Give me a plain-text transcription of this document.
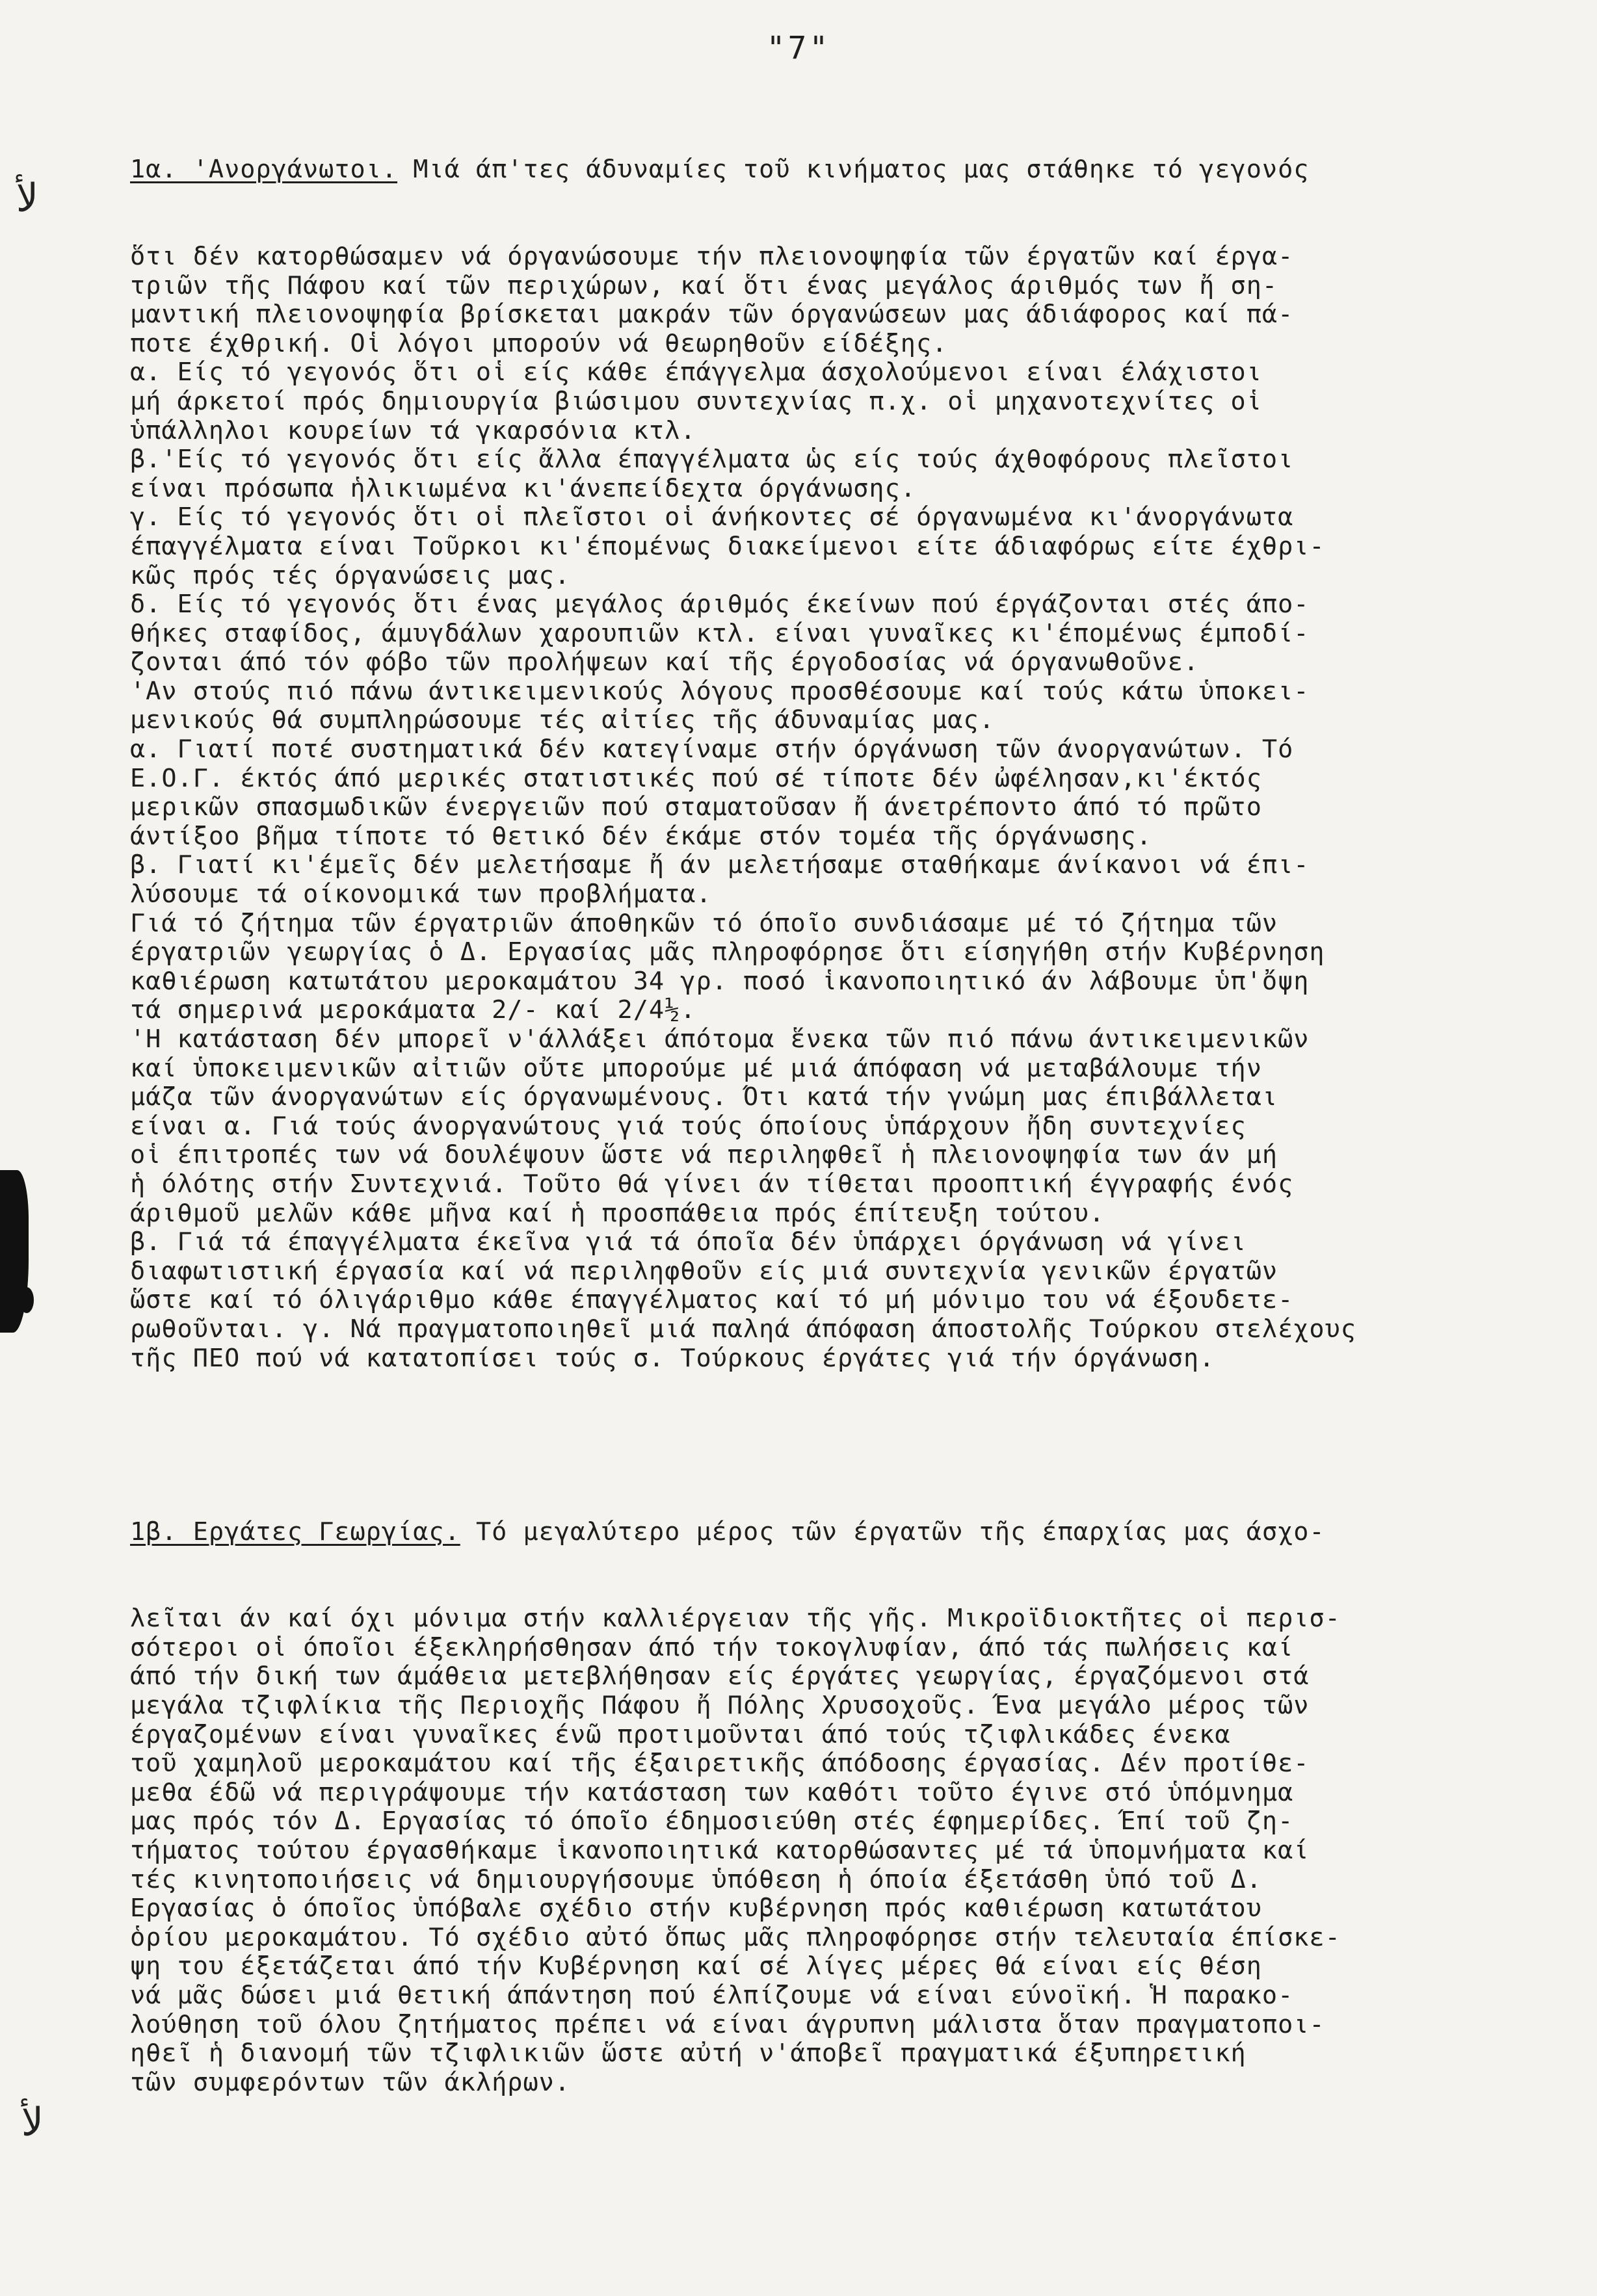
"7"
ﻷ
ﻷ

1α. 'Ανοργάνωτοι. Μιά άπ'τες άδυναμίες τοῦ κινήματος μας στάθηκε τό γεγονός

ὅτι δέν κατορθώσαμεν νά όργανώσουμε τήν πλειονοψηφία τῶν έργατῶν καί έργα-
τριῶν τῆς Πάφου καί τῶν περιχώρων, καί ὅτι ένας μεγάλος άριθμός των ἤ ση-
μαντική πλειονοψηφία βρίσκεται μακράν τῶν όργανώσεων μας άδιάφορος καί πά-
ποτε έχθρική. Οἱ λόγοι μπορούν νά θεωρηθοῦν είδέξης.
α. Είς τό γεγονός ὅτι οἱ είς κάθε έπάγγελμα άσχολούμενοι είναι έλάχιστοι
μή άρκετοί πρός δημιουργία βιώσιμου συντεχνίας π.χ. οἱ μηχανοτεχνίτες οἱ
ὑπάλληλοι κουρείων τά γκαρσόνια κτλ.
β.'Είς τό γεγονός ὅτι είς ἄλλα έπαγγέλματα ὡς είς τούς άχθοφόρους πλεῖστοι
είναι πρόσωπα ἡλικιωμένα κι'άνεπείδεχτα όργάνωσης.
γ. Είς τό γεγονός ὅτι οἱ πλεῖστοι οἱ άνήκοντες σέ όργανωμένα κι'άνοργάνωτα
έπαγγέλματα είναι Τοῦρκοι κι'έπομένως διακείμενοι είτε άδιαφόρως είτε έχθρι-
κῶς πρός τές όργανώσεις μας.
δ. Είς τό γεγονός ὅτι ένας μεγάλος άριθμός έκείνων πού έργάζονται στές άπο-
θήκες σταφίδος, άμυγδάλων χαρουπιῶν κτλ. είναι γυναῖκες κι'έπομένως έμποδί-
ζονται άπό τόν φόβο τῶν προλήψεων καί τῆς έργοδοσίας νά όργανωθοῦνε.
'Αν στούς πιό πάνω άντικειμενικούς λόγους προσθέσουμε καί τούς κάτω ὑποκει-
μενικούς θά συμπληρώσουμε τές αἰτίες τῆς άδυναμίας μας.
α. Γιατί ποτέ συστηματικά δέν κατεγίναμε στήν όργάνωση τῶν άνοργανώτων. Τό
Ε.Ο.Γ. έκτός άπό μερικές στατιστικές πού σέ τίποτε δέν ὠφέλησαν,κι'έκτός
μερικῶν σπασμωδικῶν ένεργειῶν πού σταματοῦσαν ἤ άνετρέποντο άπό τό πρῶτο
άντίξοο βῆμα τίποτε τό θετικό δέν έκάμε στόν τομέα τῆς όργάνωσης.
β. Γιατί κι'έμεῖς δέν μελετήσαμε ἤ άν μελετήσαμε σταθήκαμε άνίκανοι νά έπι-
λύσουμε τά οίκονομικά των προβλήματα.
Γιά τό ζήτημα τῶν έργατριῶν άποθηκῶν τό όποῖο συνδιάσαμε μέ τό ζήτημα τῶν
έργατριῶν γεωργίας ὁ Δ. Εργασίας μᾶς πληροφόρησε ὅτι είσηγήθη στήν Κυβέρνηση
καθιέρωση κατωτάτου μεροκαμάτου 34 γρ. ποσό ἱκανοποιητικό άν λάβουμε ὑπ'ὄψη
τά σημερινά μεροκάματα 2/- καί 2/4½.
'Η κατάσταση δέν μπορεῖ ν'άλλάξει άπότομα ἕνεκα τῶν πιό πάνω άντικειμενικῶν
καί ὑποκειμενικῶν αἰτιῶν οὔτε μπορούμε μέ μιά άπόφαση νά μεταβάλουμε τήν
μάζα τῶν άνοργανώτων είς όργανωμένους. Ότι κατά τήν γνώμη μας έπιβάλλεται
είναι α. Γιά τούς άνοργανώτους γιά τούς όποίους ὑπάρχουν ἤδη συντεχνίες
οἱ έπιτροπές των νά δουλέψουν ὥστε νά περιληφθεῖ ἡ πλειονοψηφία των άν μή
ἡ όλότης στήν Συντεχνιά. Τοῦτο θά γίνει άν τίθεται προοπτική έγγραφής ένός
άριθμοῦ μελῶν κάθε μῆνα καί ἡ προσπάθεια πρός έπίτευξη τούτου.
β. Γιά τά έπαγγέλματα έκεῖνα γιά τά όποῖα δέν ὑπάρχει όργάνωση νά γίνει
διαφωτιστική έργασία καί νά περιληφθοῦν είς μιά συντεχνία γενικῶν έργατῶν
ὥστε καί τό όλιγάριθμο κάθε έπαγγέλματος καί τό μή μόνιμο του νά έξουδετε-
ρωθοῦνται. γ. Νά πραγματοποιηθεῖ μιά παληά άπόφαση άποστολῆς Τούρκου στελέχους
τῆς ΠΕΟ πού νά κατατοπίσει τούς σ. Τούρκους έργάτες γιά τήν όργάνωση.

1β. Εργάτες Γεωργίας. Τό μεγαλύτερο μέρος τῶν έργατῶν τῆς έπαρχίας μας άσχο-

λεῖται άν καί όχι μόνιμα στήν καλλιέργειαν τῆς γῆς. Μικροϊδιοκτῆτες οἱ περισ-
σότεροι οἱ όποῖοι έξεκληρήσθησαν άπό τήν τοκογλυφίαν, άπό τάς πωλήσεις καί
άπό τήν δική των άμάθεια μετεβλήθησαν είς έργάτες γεωργίας, έργαζόμενοι στά
μεγάλα τζιφλίκια τῆς Περιοχῆς Πάφου ἤ Πόλης Χρυσοχοῦς. Ένα μεγάλο μέρος τῶν
έργαζομένων είναι γυναῖκες ένῶ προτιμοῦνται άπό τούς τζιφλικάδες ένεκα
τοῦ χαμηλοῦ μεροκαμάτου καί τῆς έξαιρετικῆς άπόδοσης έργασίας. Δέν προτίθε-
μεθα έδῶ νά περιγράψουμε τήν κατάσταση των καθότι τοῦτο έγινε στό ὑπόμνημα
μας πρός τόν Δ. Εργασίας τό όποῖο έδημοσιεύθη στές έφημερίδες. Έπί τοῦ ζη-
τήματος τούτου έργασθήκαμε ἱκανοποιητικά κατορθώσαντες μέ τά ὑπομνήματα καί
τές κινητοποιήσεις νά δημιουργήσουμε ὑπόθεση ἡ όποία έξετάσθη ὑπό τοῦ Δ.
Εργασίας ὁ όποῖος ὑπόβαλε σχέδιο στήν κυβέρνηση πρός καθιέρωση κατωτάτου
ὁρίου μεροκαμάτου. Τό σχέδιο αὐτό ὅπως μᾶς πληροφόρησε στήν τελευταία έπίσκε-
ψη του έξετάζεται άπό τήν Κυβέρνηση καί σέ λίγες μέρες θά είναι είς θέση
νά μᾶς δώσει μιά θετική άπάντηση πού έλπίζουμε νά είναι εύνοϊκή. Ἡ παρακο-
λούθηση τοῦ όλου ζητήματος πρέπει νά είναι άγρυπνη μάλιστα ὅταν πραγματοποι-
ηθεῖ ἡ διανομή τῶν τζιφλικιῶν ὥστε αὐτή ν'άποβεῖ πραγματικά έξυπηρετική
τῶν συμφερόντων τῶν άκλήρων.
